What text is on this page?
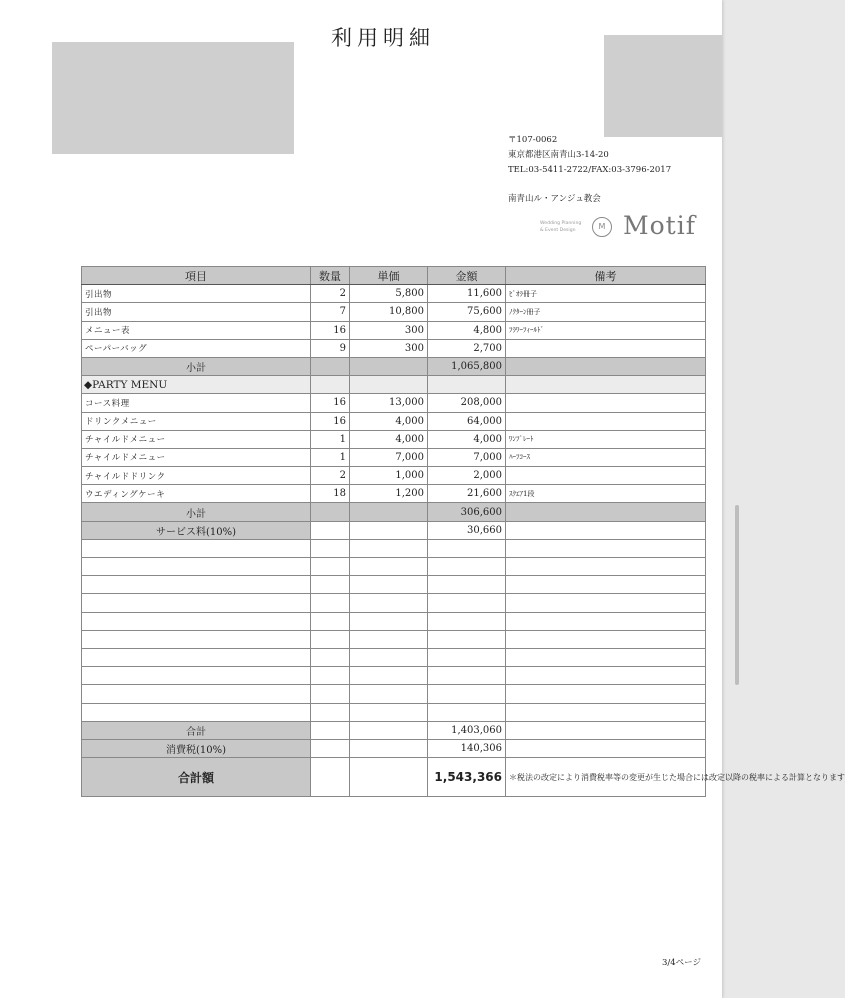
利用明細
〒107-0062
東京都港区南青山3-14-20
TEL:03-5411-2722/FAX:03-3796-2017
南青山ル・アンジュ教会
Wedding Planning
& Event Design	M Motif
項目	数量	単価	金額	備考
引出物	2	5,800	11,600	ﾋﾟｵﾗ冊子
引出物	7	10,800	75,600	ﾉｸﾀｰﾝ冊子
メニュー表	16	300	4,800	ﾌﾗﾜｰﾌｨｰﾙﾄﾞ
ペーパーバッグ	9	300	2,700	
小計			1,065,800	
◆PARTY MENU				
コース料理	16	13,000	208,000	
ドリンクメニュー	16	4,000	64,000	
チャイルドメニュー	1	4,000	4,000	ﾜﾝﾌﾟﾚｰﾄ
チャイルドメニュー	1	7,000	7,000	ﾊｰﾌｺｰｽ
チャイルドドリンク	2	1,000	2,000	
ウエディングケーキ	18	1,200	21,600	ｽｸｴｱ1段
小計			306,600	
サービス料(10%)			30,660	

合計			1,403,060	
消費税(10%)			140,306	
合計額			1,543,366	＊税法の改定により消費税率等の変更が生じた場合には改定以降の税率による計算となります
3/4ページ
